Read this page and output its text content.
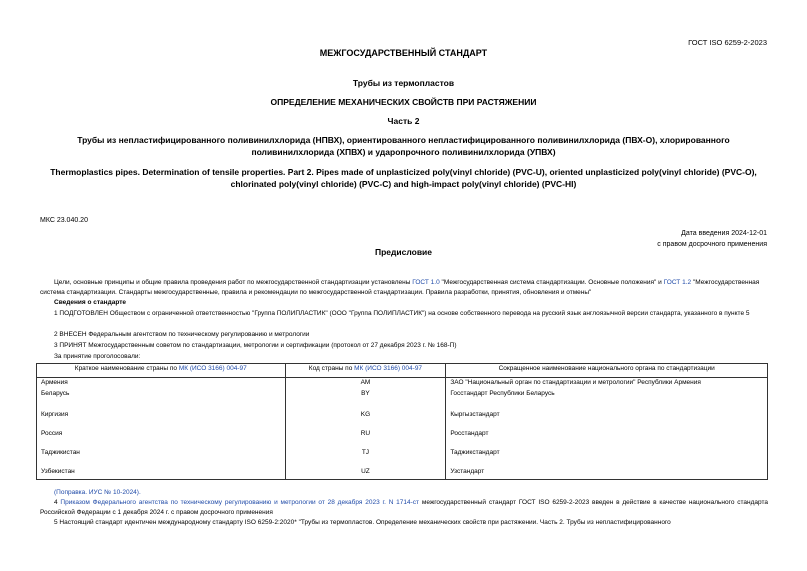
ГОСТ ISO 6259-2-2023
МЕЖГОСУДАРСТВЕННЫЙ СТАНДАРТ
Трубы из термопластов
ОПРЕДЕЛЕНИЕ МЕХАНИЧЕСКИХ СВОЙСТВ ПРИ РАСТЯЖЕНИИ
Часть 2
Трубы из непластифицированного поливинилхлорида (НПВХ), ориентированного непластифицированного поливинилхлорида (ПВХ-О), хлорированного поливинилхлорида (ХПВХ) и ударопрочного поливинилхлорида (УПВХ)
Thermoplastics pipes. Determination of tensile properties. Part 2. Pipes made of unplasticized poly(vinyl chloride) (PVC-U), oriented unplasticized poly(vinyl chloride) (PVC-O), chlorinated poly(vinyl chloride) (PVC-C) and high-impact poly(vinyl chloride) (PVC-HI)
МКС 23.040.20
Дата введения 2024-12-01
с правом досрочного применения
Предисловие
Цели, основные принципы и общие правила проведения работ по межгосударственной стандартизации установлены ГОСТ 1.0 "Межгосударственная система стандартизации. Основные положения" и ГОСТ 1.2 "Межгосударственная система стандартизации. Стандарты межгосударственные, правила и рекомендации по межгосударственной стандартизации. Правила разработки, принятия, обновления и отмены"
Сведения о стандарте
1 ПОДГОТОВЛЕН Обществом с ограниченной ответственностью "Группа ПОЛИПЛАСТИК" (ООО "Группа ПОЛИПЛАСТИК") на основе собственного перевода на русский язык англоязычной версии стандарта, указанного в пункте 5
2 ВНЕСЕН Федеральным агентством по техническому регулированию и метрологии
3 ПРИНЯТ Межгосударственным советом по стандартизации, метрологии и сертификации (протокол от 27 декабря 2023 г. № 168-П)
За принятие проголосовали:
Краткое наименование страны по МК (ИСО 3166) 004-97	Код страны по МК (ИСО 3166) 004-97	Сокращенное наименование национального органа по стандартизации
Армения	AM	ЗАО "Национальный орган по стандартизации и метрологии" Республики Армения
Беларусь	BY	Госстандарт Республики Беларусь
Киргизия	KG	Кыргызстандарт
Россия	RU	Росстандарт
Таджикистан	TJ	Таджикстандарт
Узбекистан	UZ	Узстандарт
(Поправка. ИУС № 10-2024).
4 Приказом Федерального агентства по техническому регулированию и метрологии от 28 декабря 2023 г. N 1714-ст межгосударственный стандарт ГОСТ ISO 6259-2-2023 введен в действие в качестве национального стандарта Российской Федерации с 1 декабря 2024 г. с правом досрочного применения
5 Настоящий стандарт идентичен международному стандарту ISO 6259-2:2020* "Трубы из термопластов. Определение механических свойств при растяжении. Часть 2. Трубы из непластифицированного
